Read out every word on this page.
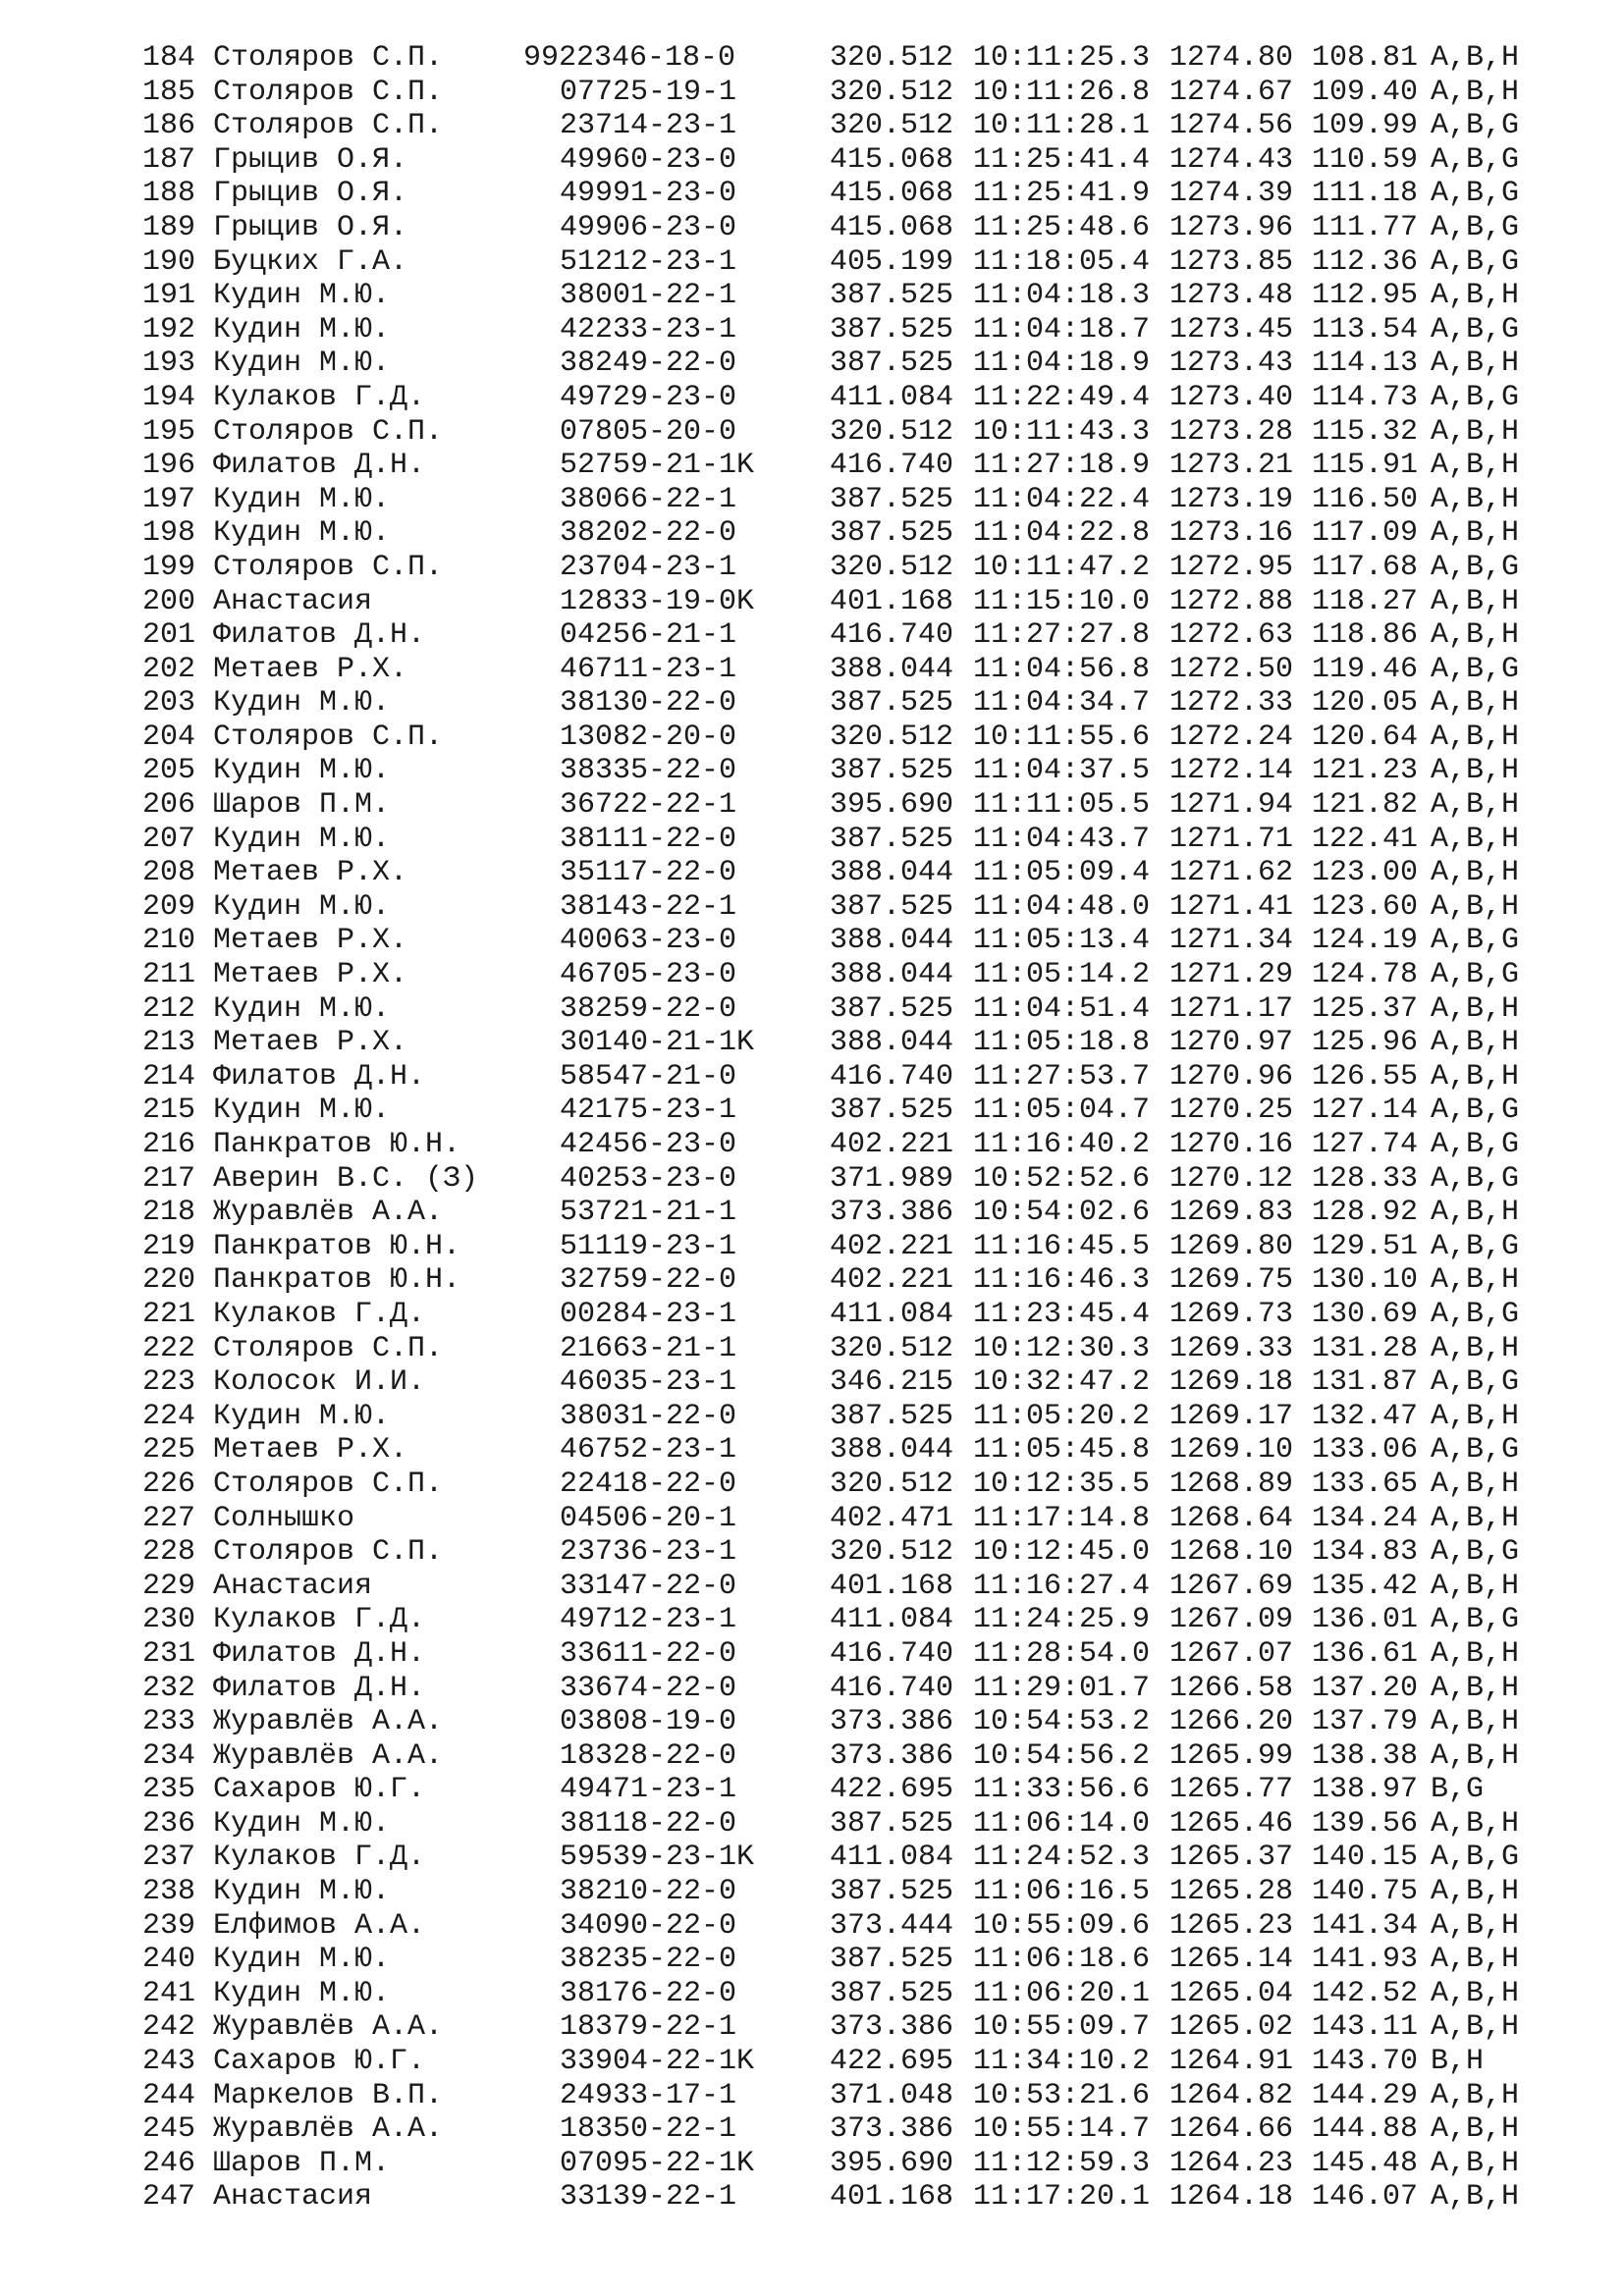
184 Столяров С.П.	9922346-18-0	320.512 10:11:25.3 1274.80 108.81 A,B,H
185 Столяров С.П.	07725-19-1	320.512 10:11:26.8 1274.67 109.40 A,B,H
186 Столяров С.П.	23714-23-1	320.512 10:11:28.1 1274.56 109.99 A,B,G
187 Грыцив О.Я.	49960-23-0	415.068 11:25:41.4 1274.43 110.59 A,B,G
188 Грыцив О.Я.	49991-23-0	415.068 11:25:41.9 1274.39 111.18 A,B,G
189 Грыцив О.Я.	49906-23-0	415.068 11:25:48.6 1273.96 111.77 A,B,G
190 Буцких Г.А.	51212-23-1	405.199 11:18:05.4 1273.85 112.36 A,B,G
191 Кудин М.Ю.	38001-22-1	387.525 11:04:18.3 1273.48 112.95 A,B,H
192 Кудин М.Ю.	42233-23-1	387.525 11:04:18.7 1273.45 113.54 A,B,G
193 Кудин М.Ю.	38249-22-0	387.525 11:04:18.9 1273.43 114.13 A,B,H
194 Кулаков Г.Д.	49729-23-0	411.084 11:22:49.4 1273.40 114.73 A,B,G
195 Столяров С.П.	07805-20-0	320.512 10:11:43.3 1273.28 115.32 A,B,H
196 Филатов Д.Н.	52759-21-1K	416.740 11:27:18.9 1273.21 115.91 A,B,H
197 Кудин М.Ю.	38066-22-1	387.525 11:04:22.4 1273.19 116.50 A,B,H
198 Кудин М.Ю.	38202-22-0	387.525 11:04:22.8 1273.16 117.09 A,B,H
199 Столяров С.П.	23704-23-1	320.512 10:11:47.2 1272.95 117.68 A,B,G
200 Анастасия	12833-19-0K	401.168 11:15:10.0 1272.88 118.27 A,B,H
201 Филатов Д.Н.	04256-21-1	416.740 11:27:27.8 1272.63 118.86 A,B,H
202 Метаев Р.Х.	46711-23-1	388.044 11:04:56.8 1272.50 119.46 A,B,G
203 Кудин М.Ю.	38130-22-0	387.525 11:04:34.7 1272.33 120.05 A,B,H
204 Столяров С.П.	13082-20-0	320.512 10:11:55.6 1272.24 120.64 A,B,H
205 Кудин М.Ю.	38335-22-0	387.525 11:04:37.5 1272.14 121.23 A,B,H
206 Шаров П.М.	36722-22-1	395.690 11:11:05.5 1271.94 121.82 A,B,H
207 Кудин М.Ю.	38111-22-0	387.525 11:04:43.7 1271.71 122.41 A,B,H
208 Метаев Р.Х.	35117-22-0	388.044 11:05:09.4 1271.62 123.00 A,B,H
209 Кудин М.Ю.	38143-22-1	387.525 11:04:48.0 1271.41 123.60 A,B,H
210 Метаев Р.Х.	40063-23-0	388.044 11:05:13.4 1271.34 124.19 A,B,G
211 Метаев Р.Х.	46705-23-0	388.044 11:05:14.2 1271.29 124.78 A,B,G
212 Кудин М.Ю.	38259-22-0	387.525 11:04:51.4 1271.17 125.37 A,B,H
213 Метаев Р.Х.	30140-21-1K	388.044 11:05:18.8 1270.97 125.96 A,B,H
214 Филатов Д.Н.	58547-21-0	416.740 11:27:53.7 1270.96 126.55 A,B,H
215 Кудин М.Ю.	42175-23-1	387.525 11:05:04.7 1270.25 127.14 A,B,G
216 Панкратов Ю.Н.	42456-23-0	402.221 11:16:40.2 1270.16 127.74 A,B,G
217 Аверин В.С. (З)	40253-23-0	371.989 10:52:52.6 1270.12 128.33 A,B,G
218 Журавлёв А.А.	53721-21-1	373.386 10:54:02.6 1269.83 128.92 A,B,H
219 Панкратов Ю.Н.	51119-23-1	402.221 11:16:45.5 1269.80 129.51 A,B,G
220 Панкратов Ю.Н.	32759-22-0	402.221 11:16:46.3 1269.75 130.10 A,B,H
221 Кулаков Г.Д.	00284-23-1	411.084 11:23:45.4 1269.73 130.69 A,B,G
222 Столяров С.П.	21663-21-1	320.512 10:12:30.3 1269.33 131.28 A,B,H
223 Колосок И.И.	46035-23-1	346.215 10:32:47.2 1269.18 131.87 A,B,G
224 Кудин М.Ю.	38031-22-0	387.525 11:05:20.2 1269.17 132.47 A,B,H
225 Метаев Р.Х.	46752-23-1	388.044 11:05:45.8 1269.10 133.06 A,B,G
226 Столяров С.П.	22418-22-0	320.512 10:12:35.5 1268.89 133.65 A,B,H
227 Солнышко	04506-20-1	402.471 11:17:14.8 1268.64 134.24 A,B,H
228 Столяров С.П.	23736-23-1	320.512 10:12:45.0 1268.10 134.83 A,B,G
229 Анастасия	33147-22-0	401.168 11:16:27.4 1267.69 135.42 A,B,H
230 Кулаков Г.Д.	49712-23-1	411.084 11:24:25.9 1267.09 136.01 A,B,G
231 Филатов Д.Н.	33611-22-0	416.740 11:28:54.0 1267.07 136.61 A,B,H
232 Филатов Д.Н.	33674-22-0	416.740 11:29:01.7 1266.58 137.20 A,B,H
233 Журавлёв А.А.	03808-19-0	373.386 10:54:53.2 1266.20 137.79 A,B,H
234 Журавлёв А.А.	18328-22-0	373.386 10:54:56.2 1265.99 138.38 A,B,H
235 Сахаров Ю.Г.	49471-23-1	422.695 11:33:56.6 1265.77 138.97 B,G
236 Кудин М.Ю.	38118-22-0	387.525 11:06:14.0 1265.46 139.56 A,B,H
237 Кулаков Г.Д.	59539-23-1K	411.084 11:24:52.3 1265.37 140.15 A,B,G
238 Кудин М.Ю.	38210-22-0	387.525 11:06:16.5 1265.28 140.75 A,B,H
239 Елфимов А.А.	34090-22-0	373.444 10:55:09.6 1265.23 141.34 A,B,H
240 Кудин М.Ю.	38235-22-0	387.525 11:06:18.6 1265.14 141.93 A,B,H
241 Кудин М.Ю.	38176-22-0	387.525 11:06:20.1 1265.04 142.52 A,B,H
242 Журавлёв А.А.	18379-22-1	373.386 10:55:09.7 1265.02 143.11 A,B,H
243 Сахаров Ю.Г.	33904-22-1K	422.695 11:34:10.2 1264.91 143.70 B,H
244 Маркелов В.П.	24933-17-1	371.048 10:53:21.6 1264.82 144.29 A,B,H
245 Журавлёв А.А.	18350-22-1	373.386 10:55:14.7 1264.66 144.88 A,B,H
246 Шаров П.М.	07095-22-1K	395.690 11:12:59.3 1264.23 145.48 A,B,H
247 Анастасия	33139-22-1	401.168 11:17:20.1 1264.18 146.07 A,B,H
